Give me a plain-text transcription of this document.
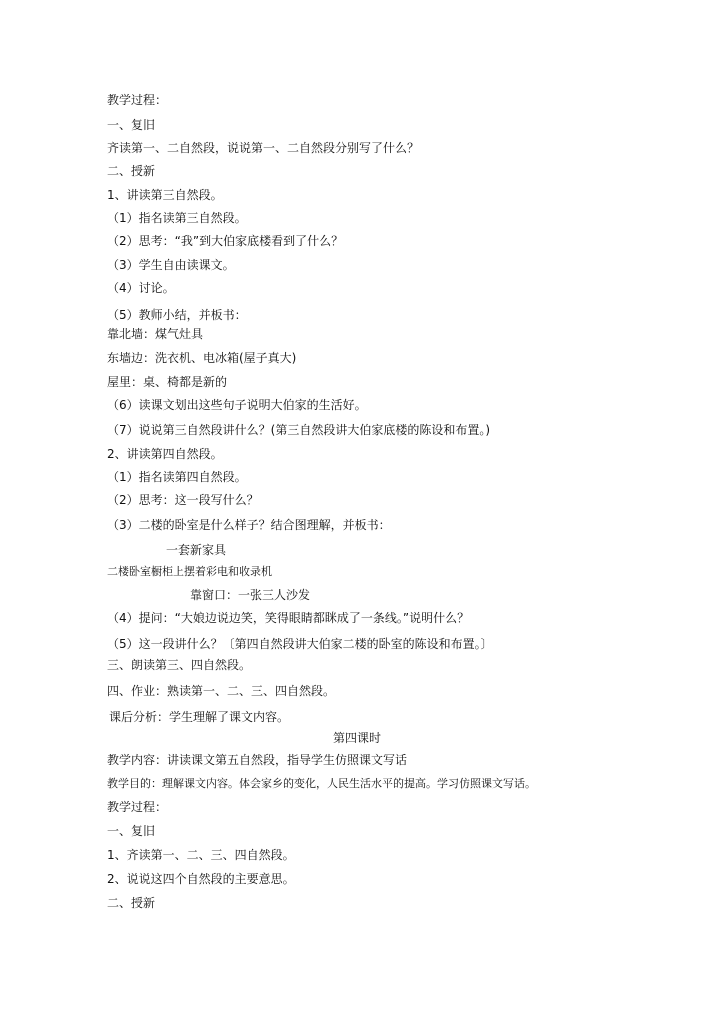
教学过程：
一、复旧
齐读第一、二自然段，说说第一、二自然段分别写了什么？
二、授新
1、讲读第三自然段。
（1）指名读第三自然段。
（2）思考：“我”到大伯家底楼看到了什么？
（3）学生自由读课文。
（4）讨论。
（5）教师小结，并板书：
靠北墙：煤气灶具
东墙边：洗衣机、电冰箱(屋子真大)
屋里：桌、椅都是新的
（6）读课文划出这些句子说明大伯家的生活好。
（7）说说第三自然段讲什么？(第三自然段讲大伯家底楼的陈设和布置。)
2、讲读第四自然段。
（1）指名读第四自然段。
（2）思考：这一段写什么？
（3）二楼的卧室是什么样子？结合图理解，并板书：
一套新家具
二楼卧室橱柜上摆着彩电和收录机
靠窗口：一张三人沙发
（4）提问：“大娘边说边笑，笑得眼睛都眯成了一条线。”说明什么？
（5）这一段讲什么？〔第四自然段讲大伯家二楼的卧室的陈设和布置。〕
三、朗读第三、四自然段。
四、作业：熟读第一、二、三、四自然段。
课后分析：学生理解了课文内容。
第四课时
教学内容：讲读课文第五自然段，指导学生仿照课文写话
教学目的：理解课文内容。体会家乡的变化，人民生活水平的提高。学习仿照课文写话。
教学过程：
一、复旧
1、齐读第一、二、三、四自然段。
2、说说这四个自然段的主要意思。
二、授新
